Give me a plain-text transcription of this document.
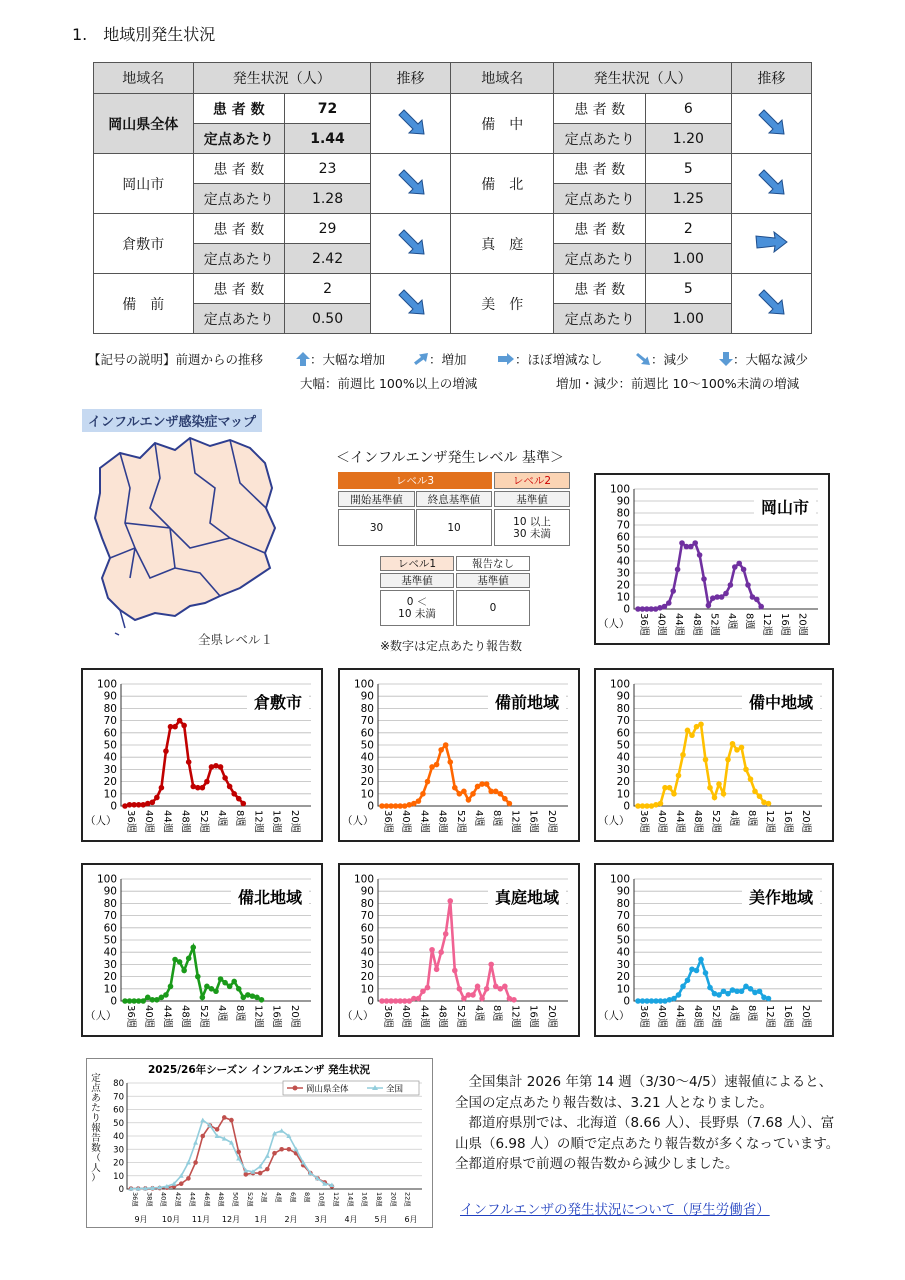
1.　地域別発生状況
地域名	発生状況（人）		推移	地域名	発生状況（人）		推移
岡山県全体	患 者 数	72		備　中	患 者 数	6	
	定点あたり	1.44			定点あたり	1.20	
岡山市	患 者 数	23		備　北	患 者 数	5	
	定点あたり	1.28			定点あたり	1.25	
倉敷市	患 者 数	29		真　庭	患 者 数	2	
	定点あたり	2.42			定点あたり	1.00	
備　前	患 者 数	2		美　作	患 者 数	5	
	定点あたり	0.50			定点あたり	1.00	
【記号の説明】前週からの推移	：大幅な増加	：増加	：ほぼ増減なし	：減少	：大幅な減少
大幅：前週比 100%以上の増減	増加・減少：前週比 10～100%未満の増減
インフルエンザ感染症マップ
全県レベル１
＜インフルエンザ発生レベル 基準＞
レベル3	レベル2
開始基準値	終息基準値	基準値
30	10	10 以上
30 未満
レベル1	報告なし
基準値	基準値
0 ＜
10 未満	0
※数字は定点あたり報告数
100
90
80
70
60
50
40
30
20
10
0
36週 40週 44週 48週 52週 4週 8週 12週 16週 20週
（人）
岡山市
100
90
80
70
60
50
40
30
20
10
0
36週 40週 44週 48週 52週 4週 8週 12週 16週 20週
（人）
倉敷市
100
90
80
70
60
50
40
30
20
10
0
36週 40週 44週 48週 52週 4週 8週 12週 16週 20週
（人）
備前地域
100
90
80
70
60
50
40
30
20
10
0
36週 40週 44週 48週 52週 4週 8週 12週 16週 20週
（人）
備中地域
100
90
80
70
60
50
40
30
20
10
0
36週 40週 44週 48週 52週 4週 8週 12週 16週 20週
（人）
備北地域
100
90
80
70
60
50
40
30
20
10
0
36週 40週 44週 48週 52週 4週 8週 12週 16週 20週
（人）
真庭地域
100
90
80
70
60
50
40
30
20
10
0
36週 40週 44週 48週 52週 4週 8週 12週 16週 20週
（人）
美作地域
2025/26年シーズン インフルエンザ 発生状況
80
70
60
50
40
30
20
10
0
定
点
あ
た
り
報
告
数
（
人
）
36週 38週 40週 42週 44週 46週 48週 50週 52週 2週 4週 6週 8週 10週 12週 14週 16週 18週 20週 22週
9月 10月 11月 12月 1月 2月 3月 4月 5月 6月
岡山県全体	全国	　全国集計 2026 年第 14 週（3/30～4/5）速報値によると、全国の定点あたり報告数は、3.21 人となりました。
　都道府県別では、北海道（8.66 人）、長野県（7.68 人）、富山県（6.98 人）の順で定点あたり報告数が多くなっています。全都道府県で前週の報告数から減少しました。
インフルエンザの発生状況について（厚生労働省）
